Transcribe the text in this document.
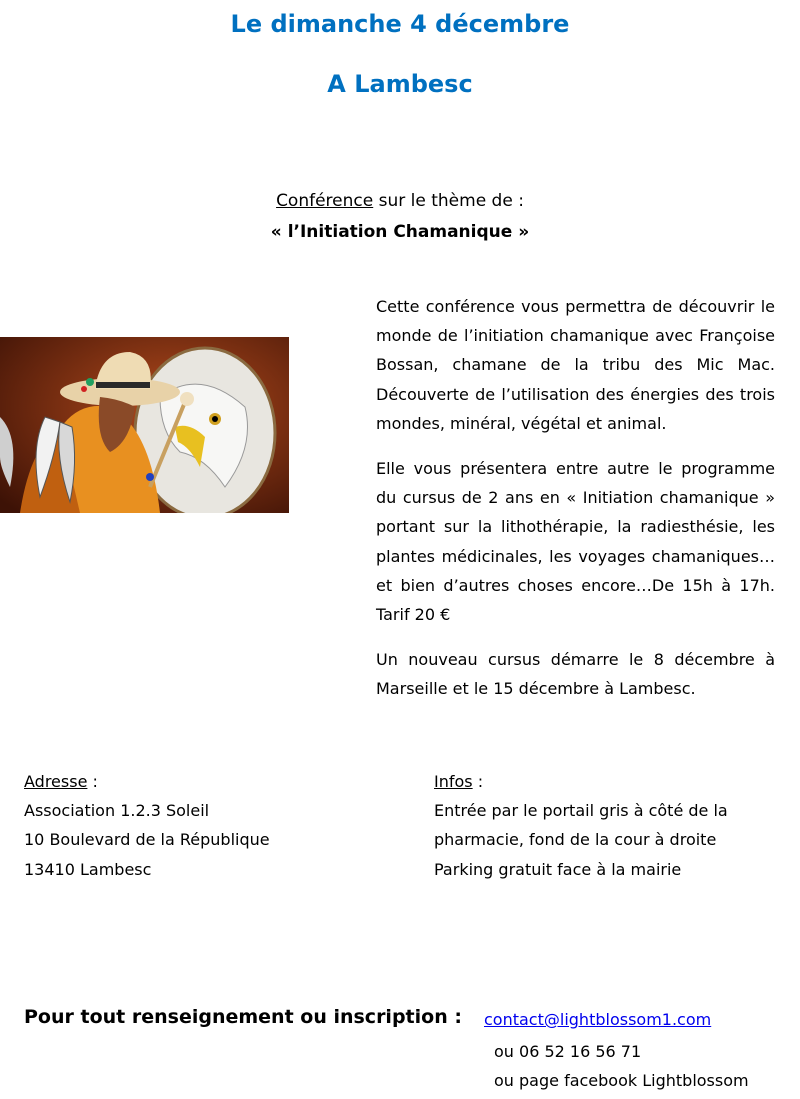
Le dimanche 4 décembre
A Lambesc
Conférence sur le thème de :
« l’Initiation Chamanique »

Cette conférence vous permettra de découvrir le monde de l’initiation chamanique avec Françoise Bossan, chamane de la tribu des Mic Mac. Découverte de l’utilisation des énergies des trois mondes, minéral, végétal et animal.

Elle vous présentera entre autre le programme du cursus de 2 ans en « Initiation chamanique » portant sur la lithothérapie, la radiesthésie, les plantes médicinales, les voyages chamaniques…et bien d’autres choses encore…De 15h à 17h. Tarif 20 €

Un nouveau cursus démarre le 8 décembre à Marseille et le 15 décembre à Lambesc.

Adresse :
Association 1.2.3 Soleil
10 Boulevard de la République
13410 Lambesc
Infos :
Entrée par le portail gris à côté de la
pharmacie, fond de la cour à droite
Parking gratuit face à la mairie
Pour tout renseignement ou inscription : contact@lightblossom1.com
ou 06 52 16 56 71
ou page facebook Lightblossom
